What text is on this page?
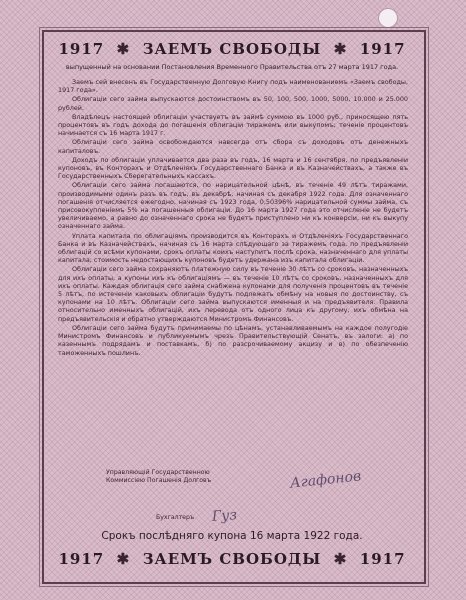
1917  ✱  ЗАЕМЪ СВОБОДЫ  ✱  1917
выпущенный на основании Постановления Временного Правительства отъ 27 марта 1917 года.

Заемъ сей внесенъ въ Государственную Долговую Книгу подъ наименованиемъ «Заемъ свободы, 1917 года».

Облигаціи сего займа выпускаются достоинствомъ въ 50, 100, 500, 1000, 5000, 10.000 и 25.000 рублей.

Владѣлецъ настоящей облигаціи участвуетъ въ займѣ суммою въ 1000 руб., приносящею пять процентовъ въ годъ дохода до погашенія облигаціи тиражемъ или выкупомъ; теченіе процентовъ начинается съ 16 марта 1917 г.

Облигаціи сего займа освобождаются навсегда отъ сбора съ доходовъ отъ денежныхъ капиталовъ.

Доходъ по облигаціи уплачивается два раза въ годъ, 16 марта и 16 сентября, по предъявленіи купоновъ, въ Конторахъ и Отдѣленіяхъ Государственнаго Банка и въ Казначействахъ, а также въ Государственныхъ Сберегательныхъ кассахъ.

Облигаціи сего займа погашаются, по нарицательной цѣнѣ, въ теченіе 49 лѣтъ тиражами, производимыми одинъ разъ въ годъ, въ декабрѣ, начиная съ декабря 1922 года. Для означеннаго погашенія отчисляется ежегодно, начиная съ 1923 года, 0,50396% нарицательной суммы займа, съ присовокупленіемъ 5% на погашенныя облигаціи. До 16 марта 1927 года это отчисленіе не будетъ увеличиваемо, а равно до означеннаго срока не будетъ приступлено ни къ конверсіи, ни къ выкупу означеннаго займа.

Уплата капитала по облигаціямъ производится въ Конторахъ и Отдѣленіяхъ Государственнаго Банка и въ Казначействахъ, начиная съ 16 марта слѣдующаго за тиражемъ года, по предъявленіи облигацій со всѣми купонами, срокъ оплаты коихъ наступитъ послѣ срока, назначеннаго для уплаты капитала; стоимость недостающихъ купоновъ будетъ удержана изъ капитала облигаціи.

Облигаціи сего займа сохраняютъ платежную силу въ теченіе 30 лѣтъ со сроковъ, назначенныхъ для ихъ оплаты, а купоны ихъ къ облигаціямъ — въ теченіе 10 лѣтъ со сроковъ, назначенныхъ для ихъ оплаты. Каждая облигація сего займа снабжена купонами для полученія процентовъ въ теченіе 5 лѣтъ, по истеченіи каковыхъ облигаціи будутъ подлежать обмѣну на новыя по достоинству, съ купонами на 10 лѣтъ. Облигаціи сего займа выпускаются именныя и на предъявителя. Правила относительно именныхъ облигацій, ихъ перевода отъ одного лица къ другому, ихъ обмѣна на предъявительскія и обратно утверждаются Министромъ Финансовъ.

Облигаціи сего займа будутъ принимаемы по цѣнамъ, устанавливаемымъ на каждое полугодіе Министромъ Финансовъ и публикуемымъ чрезъ Правительствующій Сенатъ, въ залоги: а) по казеннымъ подрядамъ и поставкамъ, б) по разсрочиваемому акцизу и в) по обезпеченію таможенныхъ пошлинъ.

Управляющій Государственною
Коммиссіею Погашенія Долговъ	Агафонов
Бухгалтеръ Гуз
Срокъ послѣдняго купона 16 марта 1922 года.
1917  ✱  ЗАЕМЪ СВОБОДЫ  ✱  1917
